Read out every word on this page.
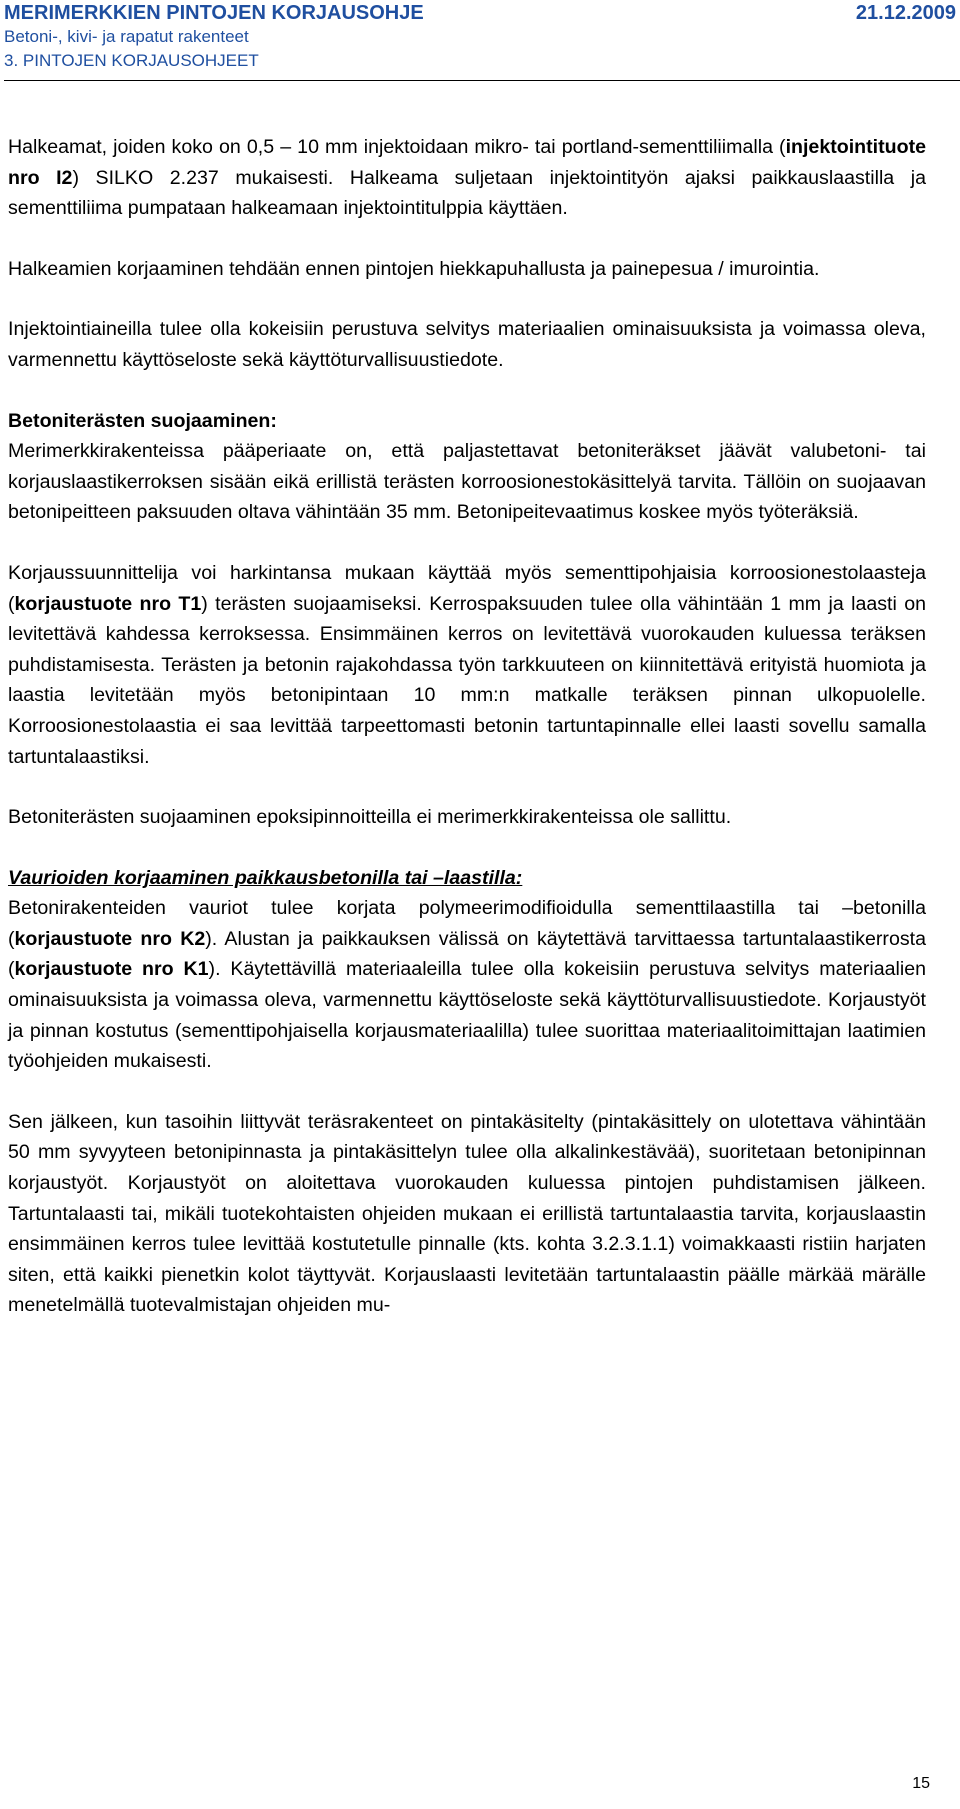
MERIMERKKIEN PINTOJEN KORJAUSOHJE	21.12.2009
Betoni-, kivi- ja rapatut rakenteet
3. PINTOJEN KORJAUSOHJEET

Halkeamat, joiden koko on 0,5 – 10 mm injektoidaan mikro- tai portland-sementtiliimalla (injektointituote nro I2) SILKO 2.237 mukaisesti. Halkeama suljetaan injektointityön ajaksi paikkauslaastilla ja sementtiliima pumpataan halkeamaan injektointitulppia käyttäen.

Halkeamien korjaaminen tehdään ennen pintojen hiekkapuhallusta ja painepesua / imurointia.

Injektointiaineilla tulee olla kokeisiin perustuva selvitys materiaalien ominaisuuksista ja voimassa oleva, varmennettu käyttöseloste sekä käyttöturvallisuustiedote.

Betoniterästen suojaaminen:
Merimerkkirakenteissa pääperiaate on, että paljastettavat betoniteräkset jäävät valubetoni- tai korjauslaastikerroksen sisään eikä erillistä terästen korroosionestokäsittelyä tarvita. Tällöin on suojaavan betonipeitteen paksuuden oltava vähintään 35 mm. Betonipeitevaatimus koskee myös työteräksiä.

Korjaussuunnittelija voi harkintansa mukaan käyttää myös sementtipohjaisia korroosionestolaasteja (korjaustuote nro T1) terästen suojaamiseksi. Kerrospaksuuden tulee olla vähintään 1 mm ja laasti on levitettävä kahdessa kerroksessa. Ensimmäinen kerros on levitettävä vuorokauden kuluessa teräksen puhdistamisesta. Terästen ja betonin rajakohdassa työn tarkkuuteen on kiinnitettävä erityistä huomiota ja laastia levitetään myös betonipintaan 10 mm:n matkalle teräksen pinnan ulkopuolelle. Korroosionestolaastia ei saa levittää tarpeettomasti betonin tartuntapinnalle ellei laasti sovellu samalla tartuntalaastiksi.

Betoniterästen suojaaminen epoksipinnoitteilla ei merimerkkirakenteissa ole sallittu.

Vaurioiden korjaaminen paikkausbetonilla tai –laastilla:
Betonirakenteiden vauriot tulee korjata polymeerimodifioidulla sementtilaastilla tai –betonilla (korjaustuote nro K2). Alustan ja paikkauksen välissä on käytettävä tarvittaessa tartuntalaastikerrosta (korjaustuote nro K1). Käytettävillä materiaaleilla tulee olla kokeisiin perustuva selvitys materiaalien ominaisuuksista ja voimassa oleva, varmennettu käyttöseloste sekä käyttöturvallisuustiedote. Korjaustyöt ja pinnan kostutus (sementtipohjaisella korjausmateriaalilla) tulee suorittaa materiaalitoimittajan laatimien työohjeiden mukaisesti.

Sen jälkeen, kun tasoihin liittyvät teräsrakenteet on pintakäsitelty (pintakäsittely on ulotettava vähintään 50 mm syvyyteen betonipinnasta ja pintakäsittelyn tulee olla alkalinkestävää), suoritetaan betonipinnan korjaustyöt. Korjaustyöt on aloitettava vuorokauden kuluessa pintojen puhdistamisen jälkeen. Tartuntalaasti tai, mikäli tuotekohtaisten ohjeiden mukaan ei erillistä tartuntalaastia tarvita, korjauslaastin ensimmäinen kerros tulee levittää kostutetulle pinnalle (kts. kohta 3.2.3.1.1) voimakkaasti ristiin harjaten siten, että kaikki pienetkin kolot täyttyvät. Korjauslaasti levitetään tartuntalaastin päälle märkää märälle menetelmällä tuotevalmistajan ohjeiden mu-

15
